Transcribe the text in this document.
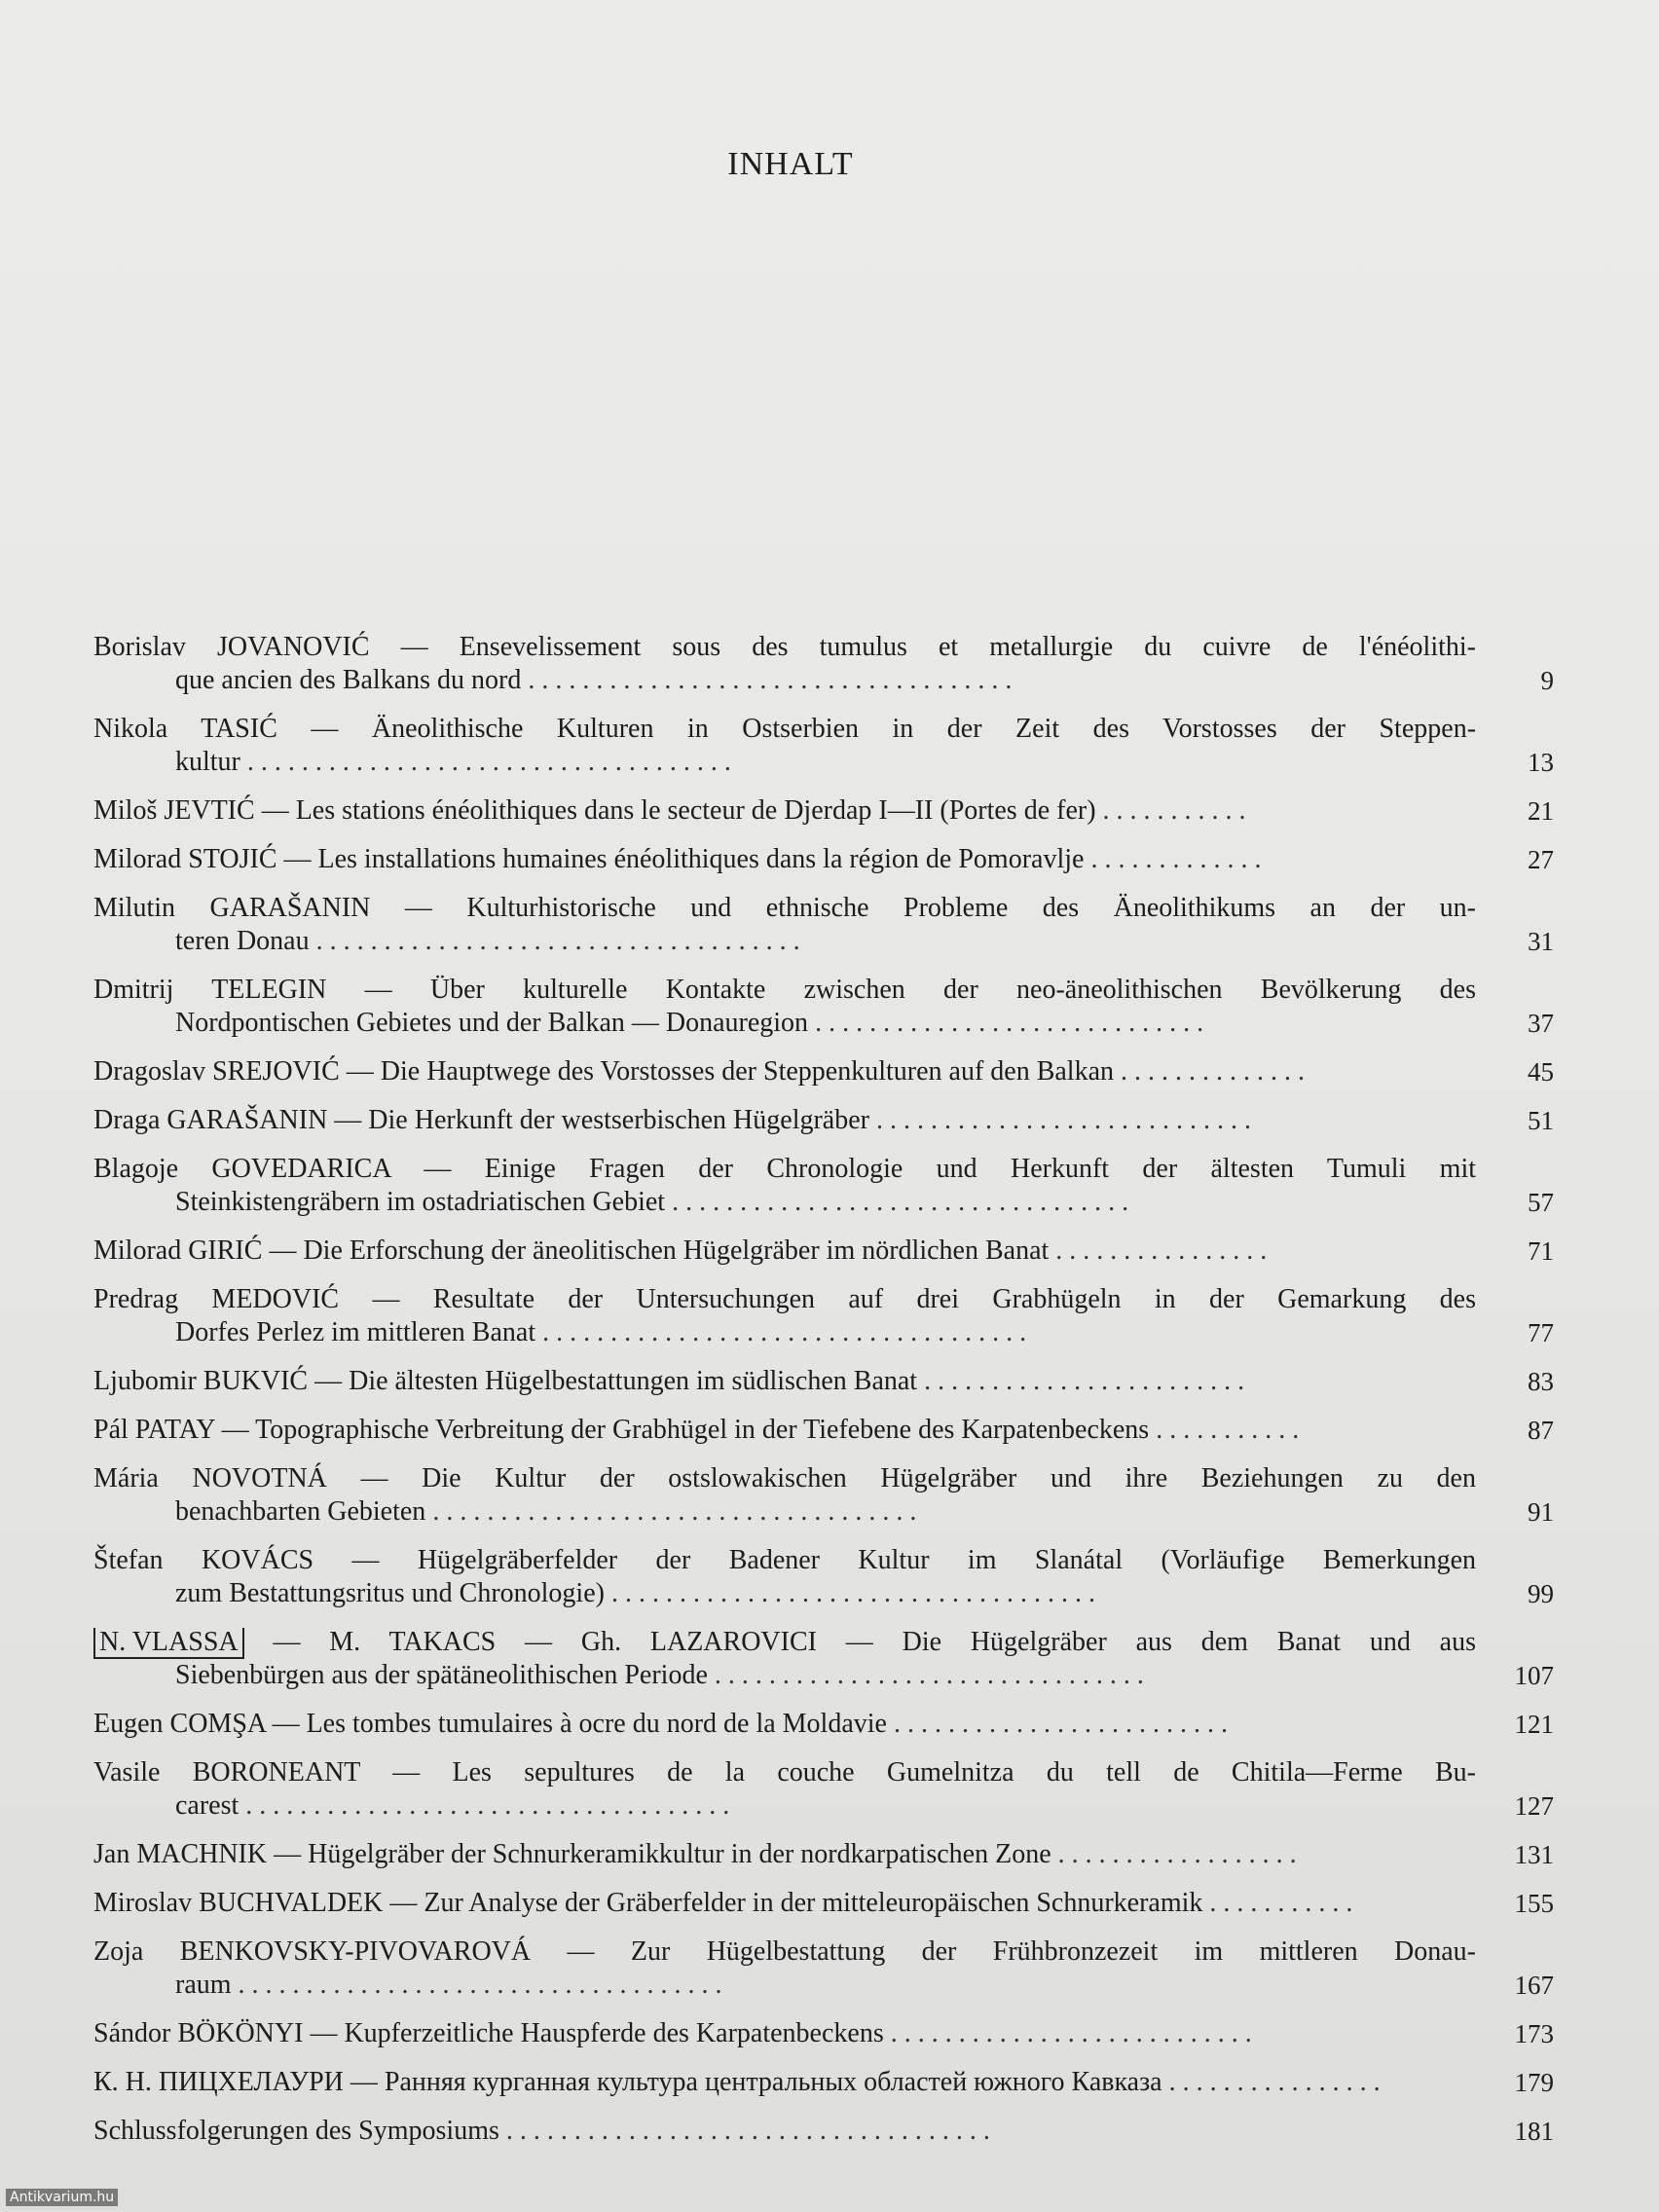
INHALT
Borislav JOVANOVIĆ — Ensevelissement sous des tumulus et metallurgie du cuivre de l'énéolithi-
que ancien des Balkans du nord . . . . . . . . . . . . . . . . . . . . . . . . . . . . . . . . . . . .	9
Nikola TASIĆ — Äneolithische Kulturen in Ostserbien in der Zeit des Vorstosses der Steppen-
kultur . . . . . . . . . . . . . . . . . . . . . . . . . . . . . . . . . . . .	13
Miloš JEVTIĆ — Les stations énéolithiques dans le secteur de Djerdap I—II (Portes de fer) . . . . . . . . . . .	21
Milorad STOJIĆ — Les installations humaines énéolithiques dans la région de Pomoravlje . . . . . . . . . . . . .	27
Milutin GARAŠANIN — Kulturhistorische und ethnische Probleme des Äneolithikums an der un-
teren Donau . . . . . . . . . . . . . . . . . . . . . . . . . . . . . . . . . . . .	31
Dmitrij TELEGIN — Über kulturelle Kontakte zwischen der neo-äneolithischen Bevölkerung des
Nordpontischen Gebietes und der Balkan — Donauregion . . . . . . . . . . . . . . . . . . . . . . . . . . . . .	37
Dragoslav SREJOVIĆ — Die Hauptwege des Vorstosses der Steppenkulturen auf den Balkan . . . . . . . . . . . . . .	45
Draga GARAŠANIN — Die Herkunft der westserbischen Hügelgräber . . . . . . . . . . . . . . . . . . . . . . . . . . . .	51
Blagoje GOVEDARICA — Einige Fragen der Chronologie und Herkunft der ältesten Tumuli mit
Steinkistengräbern im ostadriatischen Gebiet . . . . . . . . . . . . . . . . . . . . . . . . . . . . . . . . . .	57
Milorad GIRIĆ — Die Erforschung der äneolitischen Hügelgräber im nördlichen Banat . . . . . . . . . . . . . . . .	71
Predrag MEDOVIĆ — Resultate der Untersuchungen auf drei Grabhügeln in der Gemarkung des
Dorfes Perlez im mittleren Banat . . . . . . . . . . . . . . . . . . . . . . . . . . . . . . . . . . . .	77
Ljubomir BUKVIĆ — Die ältesten Hügelbestattungen im südlischen Banat . . . . . . . . . . . . . . . . . . . . . . . .	83
Pál PATAY — Topographische Verbreitung der Grabhügel in der Tiefebene des Karpatenbeckens . . . . . . . . . . .	87
Mária NOVOTNÁ — Die Kultur der ostslowakischen Hügelgräber und ihre Beziehungen zu den
benachbarten Gebieten . . . . . . . . . . . . . . . . . . . . . . . . . . . . . . . . . . . .	91
Štefan KOVÁCS — Hügelgräberfelder der Badener Kultur im Slanátal (Vorläufige Bemerkungen
zum Bestattungsritus und Chronologie) . . . . . . . . . . . . . . . . . . . . . . . . . . . . . . . . . . . .	99
N. VLASSA — M. TAKACS — Gh. LAZAROVICI — Die Hügelgräber aus dem Banat und aus
Siebenbürgen aus der spätäneolithischen Periode . . . . . . . . . . . . . . . . . . . . . . . . . . . . . . . .	107
Eugen COMŞA — Les tombes tumulaires à ocre du nord de la Moldavie . . . . . . . . . . . . . . . . . . . . . . . . .	121
Vasile BORONEANT — Les sepultures de la couche Gumelnitza du tell de Chitila—Ferme Bu-
carest . . . . . . . . . . . . . . . . . . . . . . . . . . . . . . . . . . . .	127
Jan MACHNIK — Hügelgräber der Schnurkeramikkultur in der nordkarpatischen Zone . . . . . . . . . . . . . . . . . .	131
Miroslav BUCHVALDEK — Zur Analyse der Gräberfelder in der mitteleuropäischen Schnurkeramik . . . . . . . . . . .	155
Zoja BENKOVSKY-PIVOVAROVÁ — Zur Hügelbestattung der Frühbronzezeit im mittleren Donau-
raum . . . . . . . . . . . . . . . . . . . . . . . . . . . . . . . . . . . .	167
Sándor BÖKÖNYI — Kupferzeitliche Hauspferde des Karpatenbeckens . . . . . . . . . . . . . . . . . . . . . . . . . . .	173
К. Н. ПИЦХЕЛАУРИ — Ранняя курганная культура центральных областей южного Кавказа . . . . . . . . . . . . . . . .	179
Schlussfolgerungen des Symposiums . . . . . . . . . . . . . . . . . . . . . . . . . . . . . . . . . . . .	181
Antikvarium.hu
